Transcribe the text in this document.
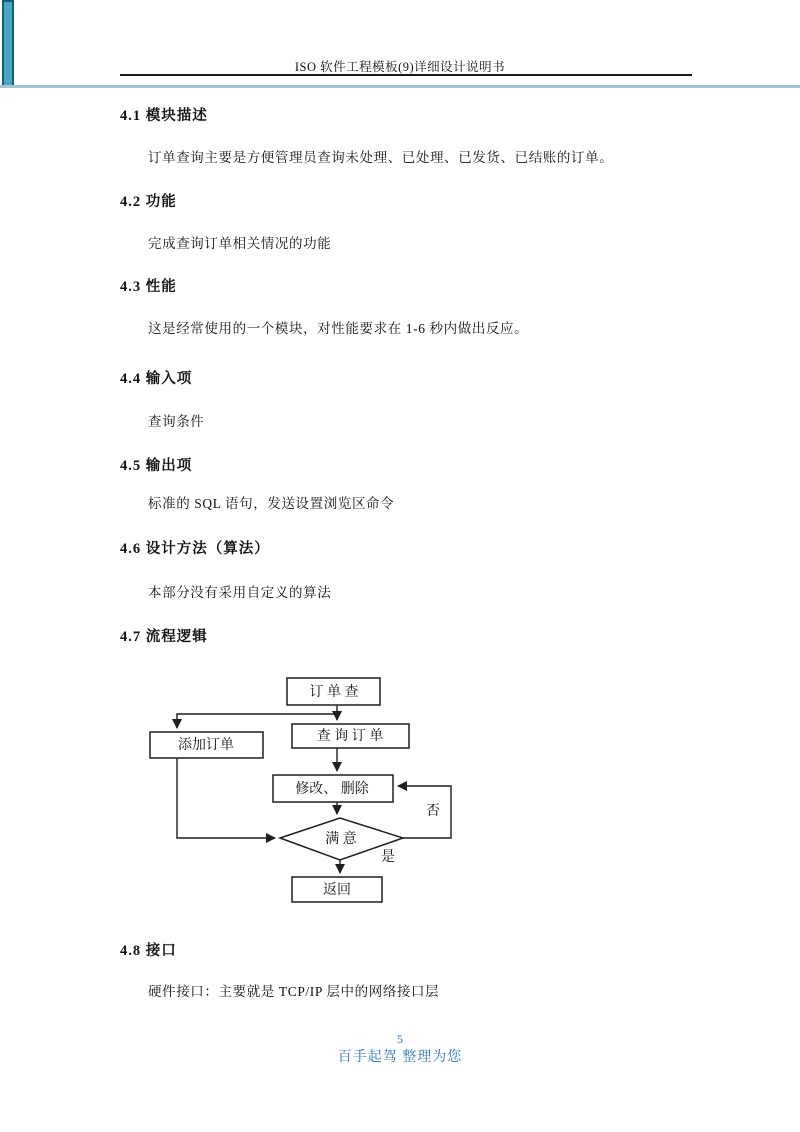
ISO 软件工程模板(9)详细设计说明书
4.1 模块描述
订单查询主要是方便管理员查询未处理、已处理、已发货、已结账的订单。
4.2 功能
完成查询订单相关情况的功能
4.3 性能
这是经常使用的一个模块，对性能要求在 1-6 秒内做出反应。
4.4 输入项
查询条件
4.5 输出项
标准的 SQL 语句，发送设置浏览区命令
4.6 设计方法（算法）
本部分没有采用自定义的算法
4.7 流程逻辑
订 单 查
添加订单
查 询 订 单
修改、 删除
满 意
返回
否
是
4.8 接口
硬件接口：主要就是 TCP/IP 层中的网络接口层
5
百手起驾 整理为您
